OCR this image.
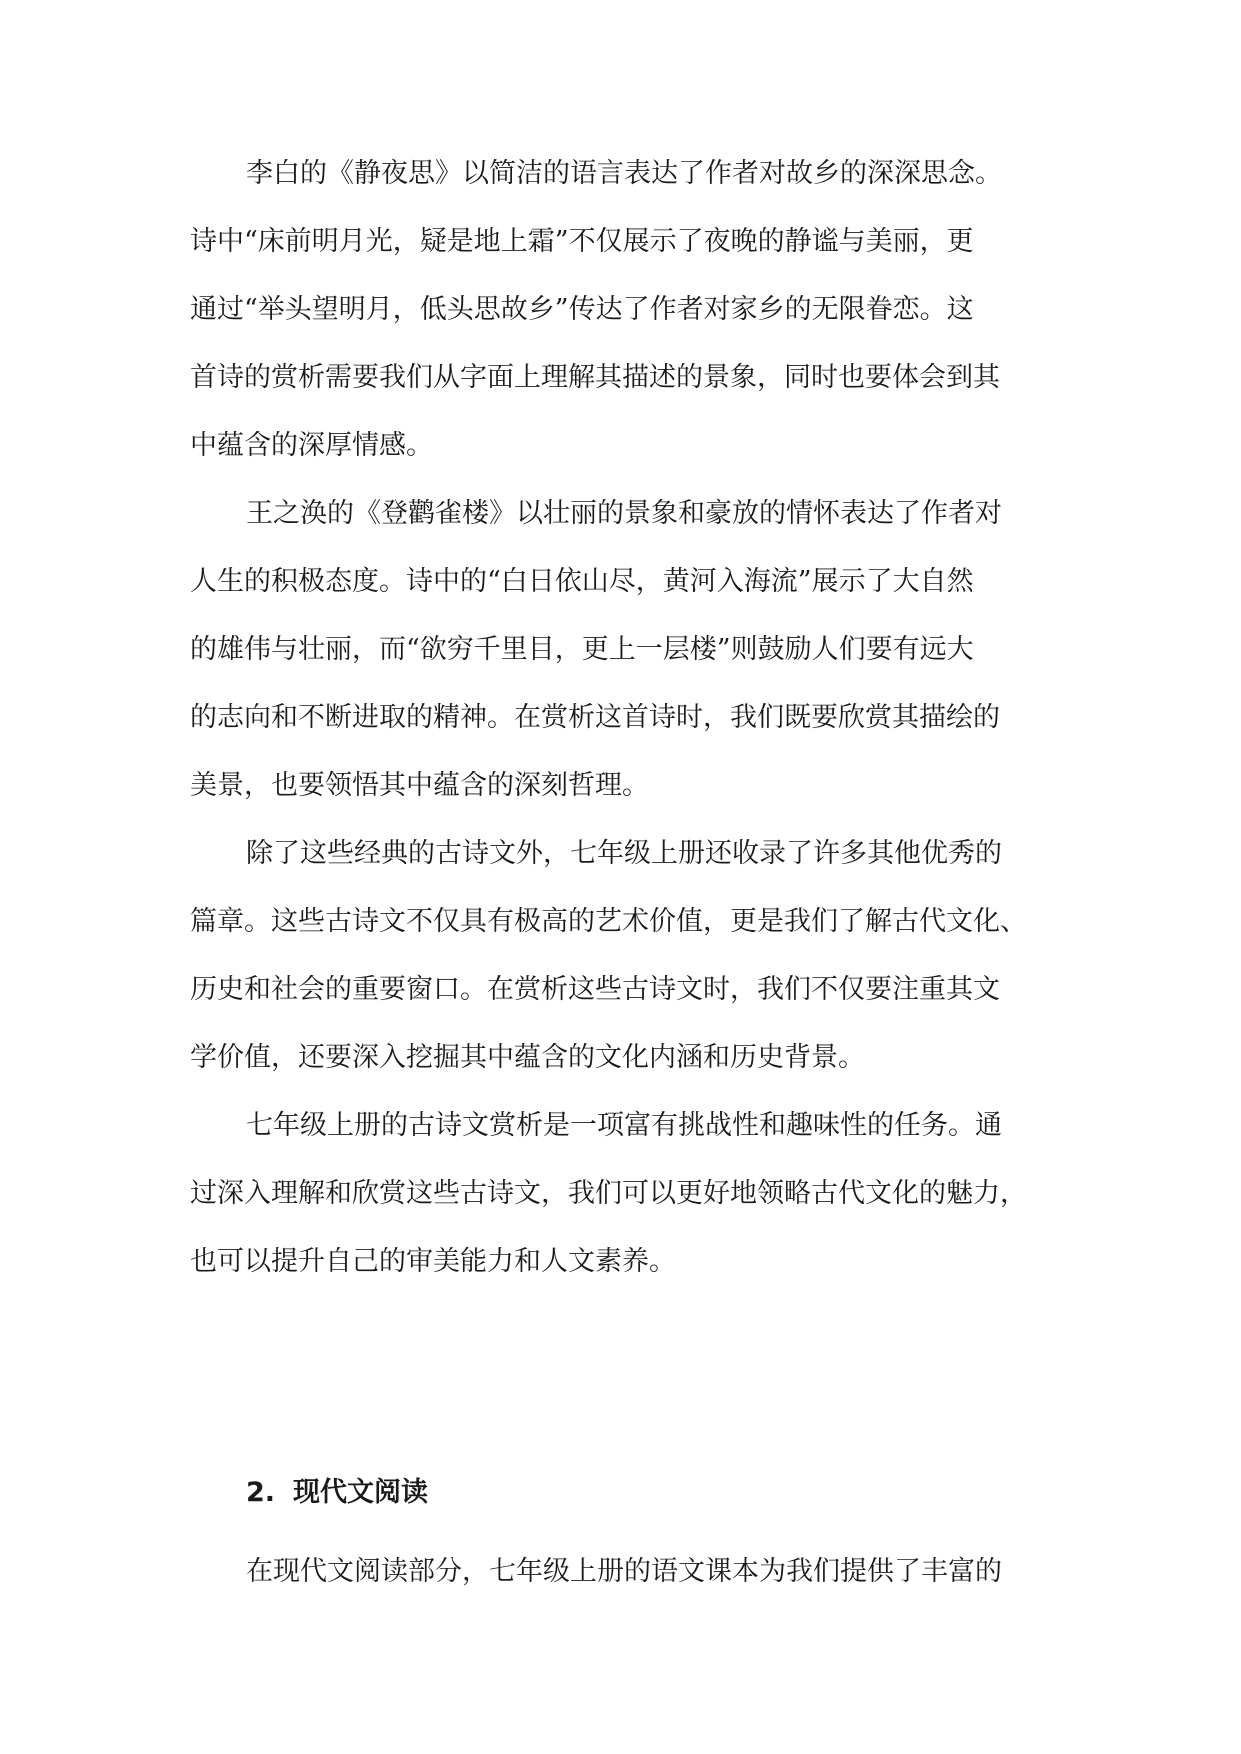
李白的《静夜思》以简洁的语言表达了作者对故乡的深深思念。
诗中“床前明月光，疑是地上霜”不仅展示了夜晚的静谧与美丽，更
通过“举头望明月，低头思故乡”传达了作者对家乡的无限眷恋。这
首诗的赏析需要我们从字面上理解其描述的景象，同时也要体会到其
中蕴含的深厚情感。
王之涣的《登鹳雀楼》以壮丽的景象和豪放的情怀表达了作者对
人生的积极态度。诗中的“白日依山尽，黄河入海流”展示了大自然
的雄伟与壮丽，而“欲穷千里目，更上一层楼”则鼓励人们要有远大
的志向和不断进取的精神。在赏析这首诗时，我们既要欣赏其描绘的
美景，也要领悟其中蕴含的深刻哲理。
除了这些经典的古诗文外，七年级上册还收录了许多其他优秀的
篇章。这些古诗文不仅具有极高的艺术价值，更是我们了解古代文化、
历史和社会的重要窗口。在赏析这些古诗文时，我们不仅要注重其文
学价值，还要深入挖掘其中蕴含的文化内涵和历史背景。
七年级上册的古诗文赏析是一项富有挑战性和趣味性的任务。通
过深入理解和欣赏这些古诗文，我们可以更好地领略古代文化的魅力，
也可以提升自己的审美能力和人文素养。
2. 现代文阅读
在现代文阅读部分，七年级上册的语文课本为我们提供了丰富的
